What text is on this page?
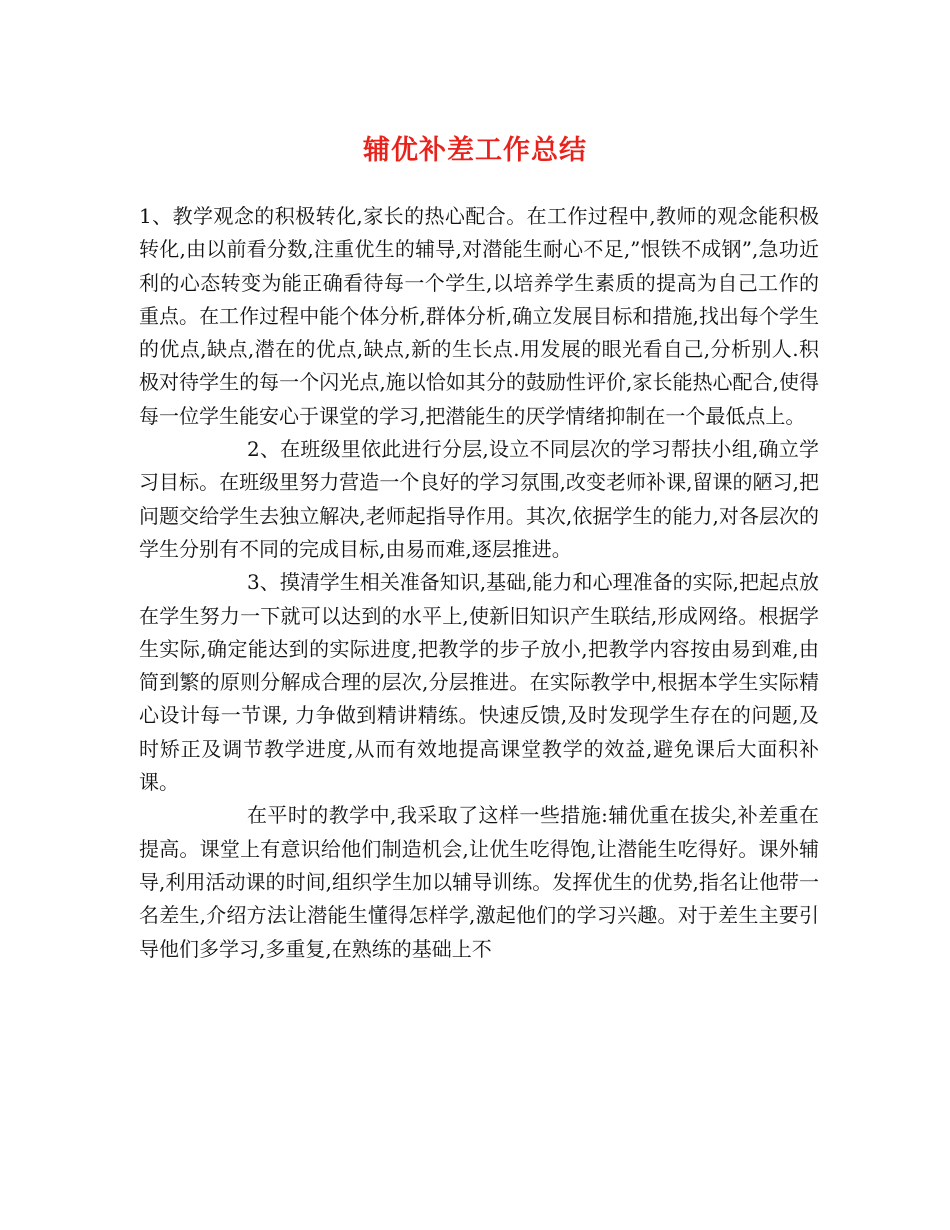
辅优补差工作总结

1、教学观念的积极转化,家长的热心配合。在工作过程中,教师的观念能积极转化,由以前看分数,注重优生的辅导,对潜能生耐心不足,”恨铁不成钢”,急功近利的心态转变为能正确看待每一个学生,以培养学生素质的提高为自己工作的重点。在工作过程中能个体分析,群体分析,确立发展目标和措施,找出每个学生的优点,缺点,潜在的优点,缺点,新的生长点.用发展的眼光看自己,分析别人.积极对待学生的每一个闪光点,施以恰如其分的鼓励性评价,家长能热心配合,使得每一位学生能安心于课堂的学习,把潜能生的厌学情绪抑制在一个最低点上。

2、在班级里依此进行分层,设立不同层次的学习帮扶小组,确立学习目标。在班级里努力营造一个良好的学习氛围,改变老师补课,留课的陋习,把问题交给学生去独立解决,老师起指导作用。其次,依据学生的能力,对各层次的学生分别有不同的完成目标,由易而难,逐层推进。

3、摸清学生相关准备知识,基础,能力和心理准备的实际,把起点放在学生努力一下就可以达到的水平上,使新旧知识产生联结,形成网络。根据学生实际,确定能达到的实际进度,把教学的步子放小,把教学内容按由易到难,由简到繁的原则分解成合理的层次,分层推进。在实际教学中,根据本学生实际精心设计每一节课, 力争做到精讲精练。快速反馈,及时发现学生存在的问题,及时矫正及调节教学进度,从而有效地提高课堂教学的效益,避免课后大面积补课。

在平时的教学中,我采取了这样一些措施:辅优重在拔尖,补差重在提高。课堂上有意识给他们制造机会,让优生吃得饱,让潜能生吃得好。课外辅导,利用活动课的时间,组织学生加以辅导训练。发挥优生的优势,指名让他带一名差生,介绍方法让潜能生懂得怎样学,激起他们的学习兴趣。对于差生主要引导他们多学习,多重复,在熟练的基础上不
